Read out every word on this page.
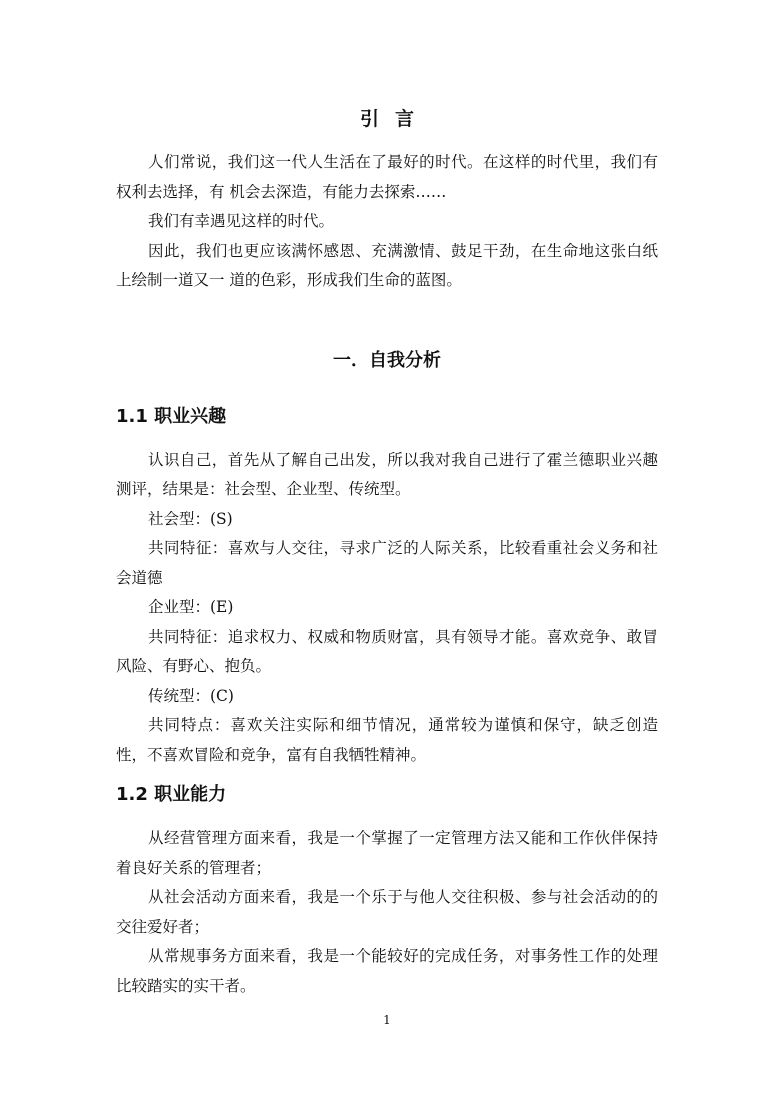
引言

人们常说，我们这一代人生活在了最好的时代。在这样的时代里，我们有权利去选择，有 机会去深造，有能力去探索……

我们有幸遇见这样的时代。

因此，我们也更应该满怀感恩、充满激情、鼓足干劲，在生命地这张白纸上绘制一道又一 道的色彩，形成我们生命的蓝图。

一．自我分析
1.1 职业兴趣

认识自己，首先从了解自己出发，所以我对我自己进行了霍兰德职业兴趣测评，结果是：社会型、企业型、传统型。

社会型：(S)

共同特征：喜欢与人交往，寻求广泛的人际关系，比较看重社会义务和社会道德

企业型：(E)

共同特征：追求权力、权威和物质财富，具有领导才能。喜欢竞争、敢冒风险、有野心、抱负。

传统型：(C)

共同特点：喜欢关注实际和细节情况，通常较为谨慎和保守，缺乏创造性，不喜欢冒险和竞争，富有自我牺牲精神。

1.2 职业能力

从经营管理方面来看，我是一个掌握了一定管理方法又能和工作伙伴保持着良好关系的管理者；

从社会活动方面来看，我是一个乐于与他人交往积极、参与社会活动的的交往爱好者；

从常规事务方面来看，我是一个能较好的完成任务，对事务性工作的处理比较踏实的实干者。

1
